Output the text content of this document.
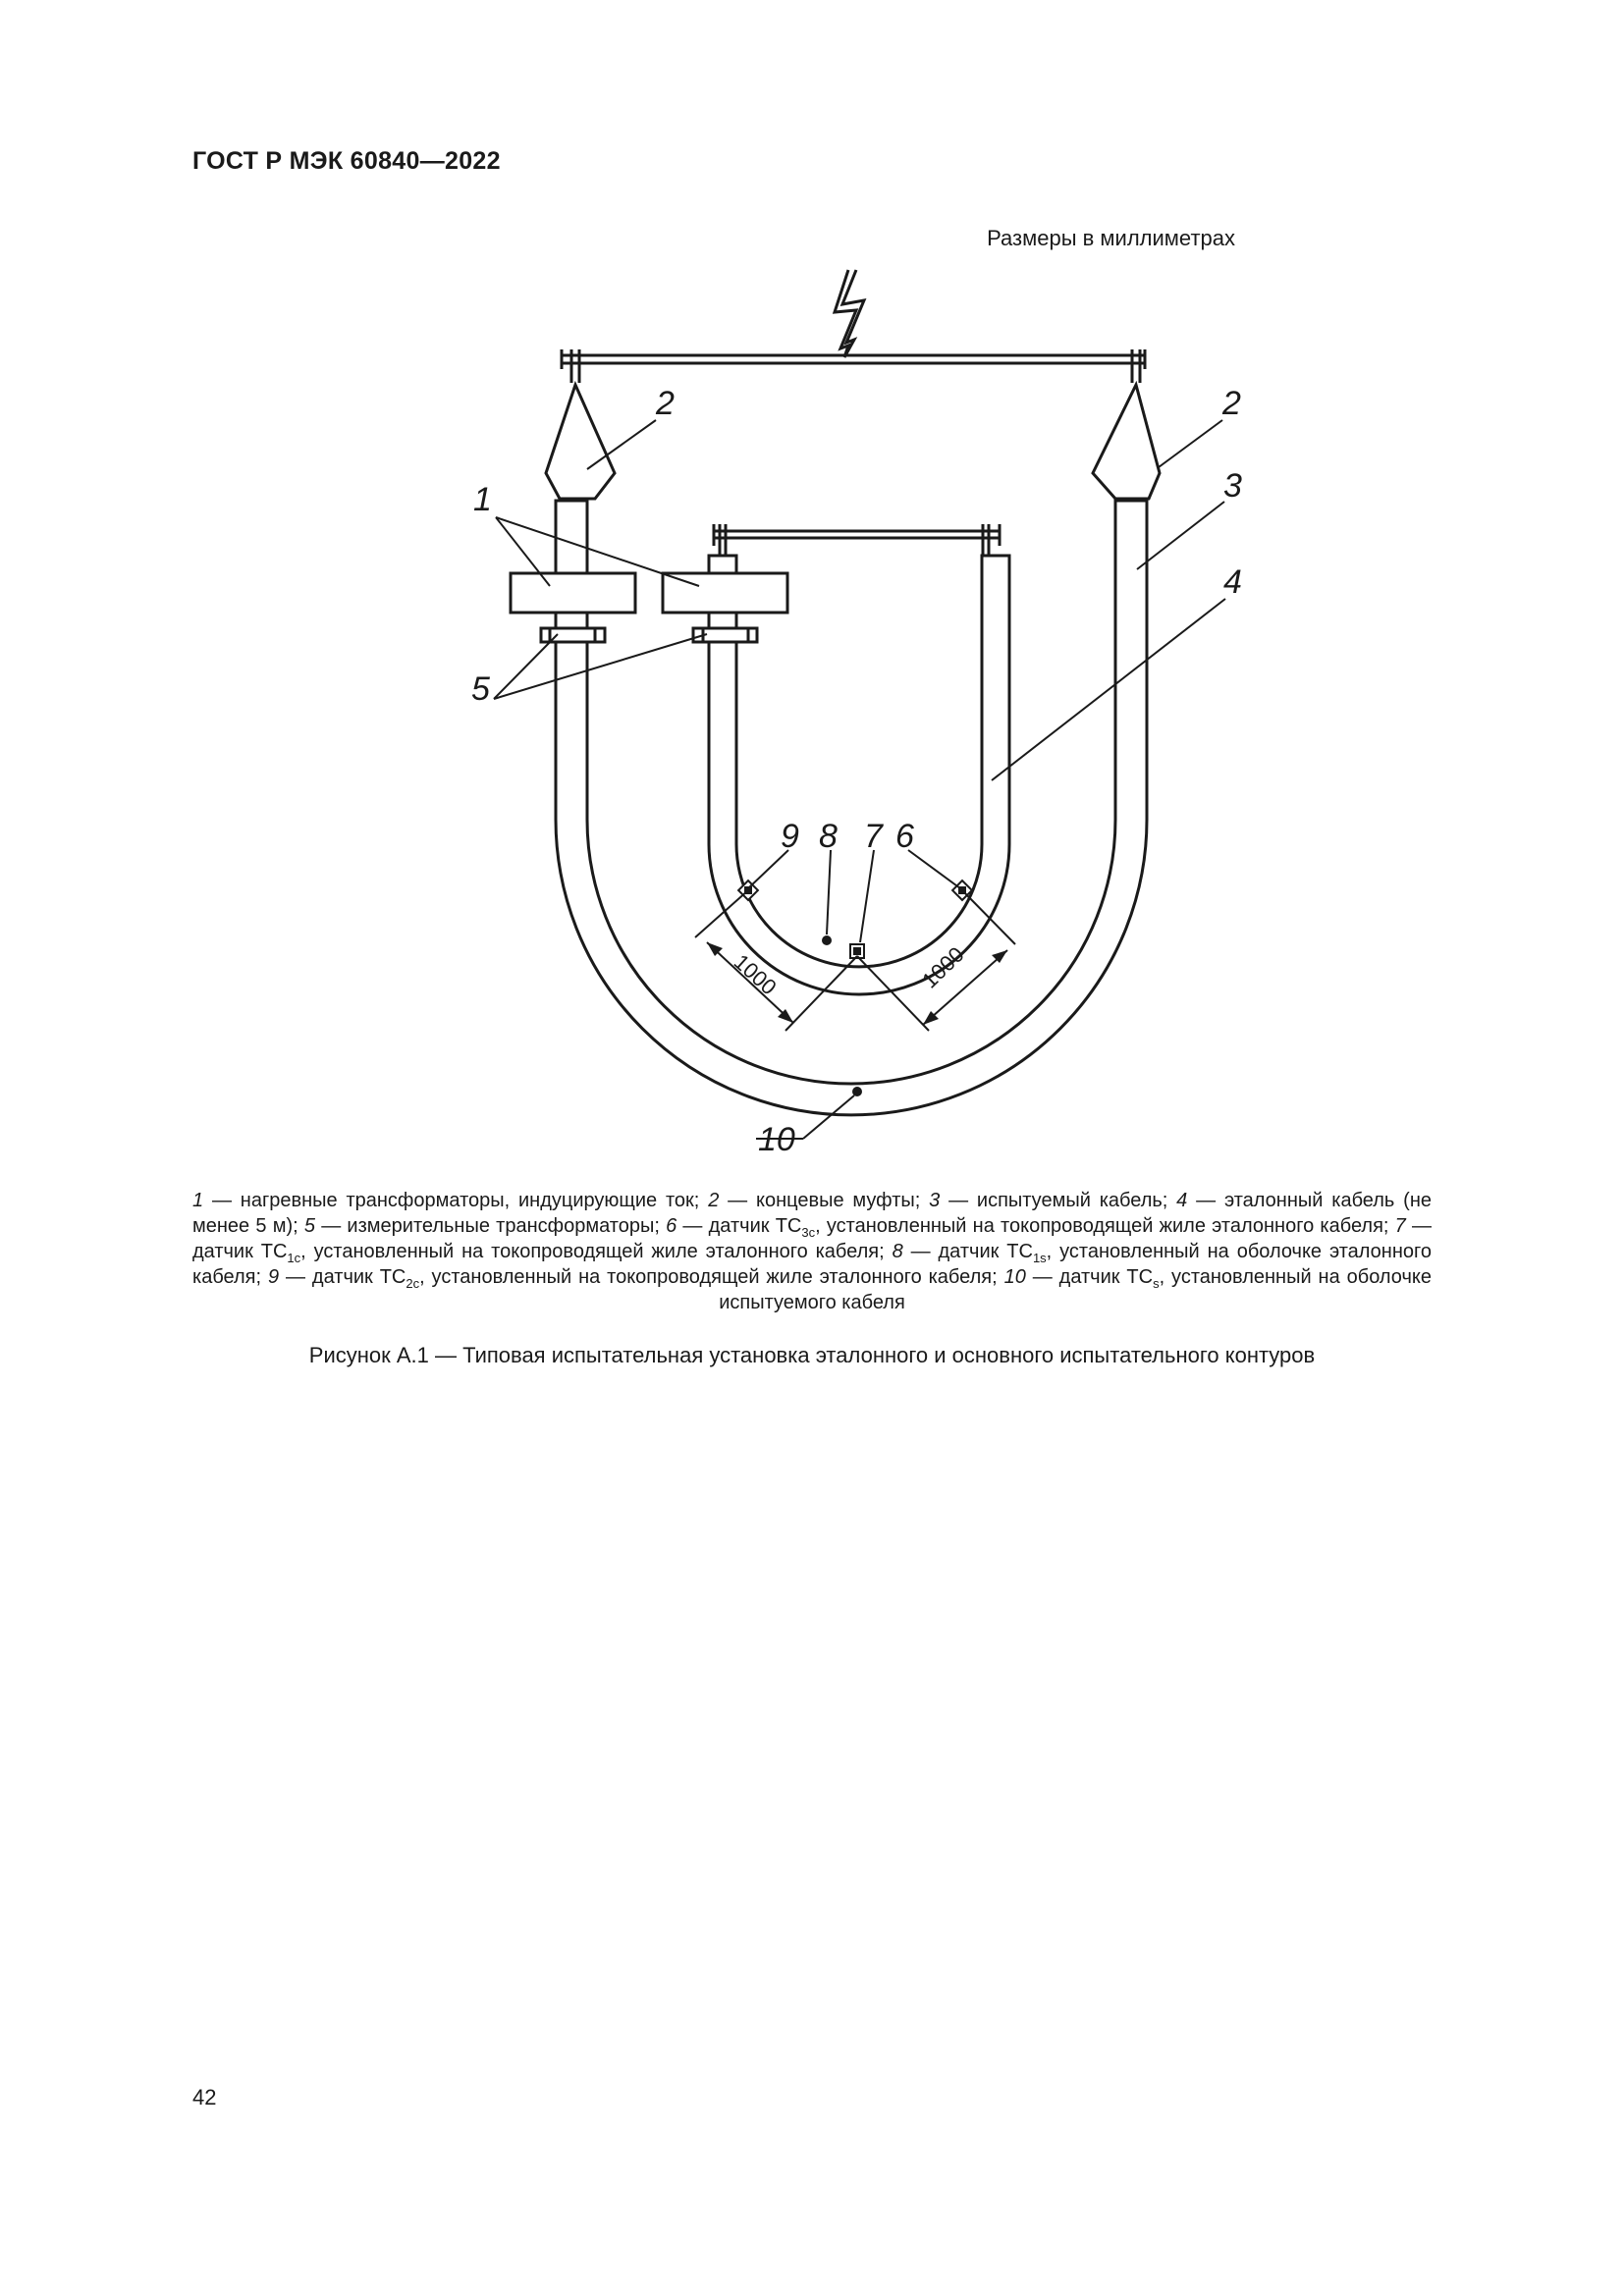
ГОСТ Р МЭК 60840—2022
Размеры в миллиметрах
1
2	2
3
4
5
9 8 7 6
10
1000	1000
1 — нагревные трансформаторы, индуцирующие ток; 2 — концевые муфты; 3 — испытуемый кабель; 4 — эталонный кабель (не менее 5 м); 5 — измерительные трансформаторы; 6 — датчик $TC_{3c}$, установленный на токопроводящей жиле эталонного кабеля; 7 — датчик $TC_{1c}$, установленный на токопроводящей жиле эталонного кабеля; 8 — датчик $TC_{1s}$, установленный на оболочке эталонного кабеля; 9 — датчик $TC_{2c}$, установленный на токопроводящей жиле эталонного кабеля; 10 — датчик $TC_s$, установленный на оболочке испытуемого кабеля
Рисунок А.1 — Типовая испытательная установка эталонного и основного испытательного контуров
42
